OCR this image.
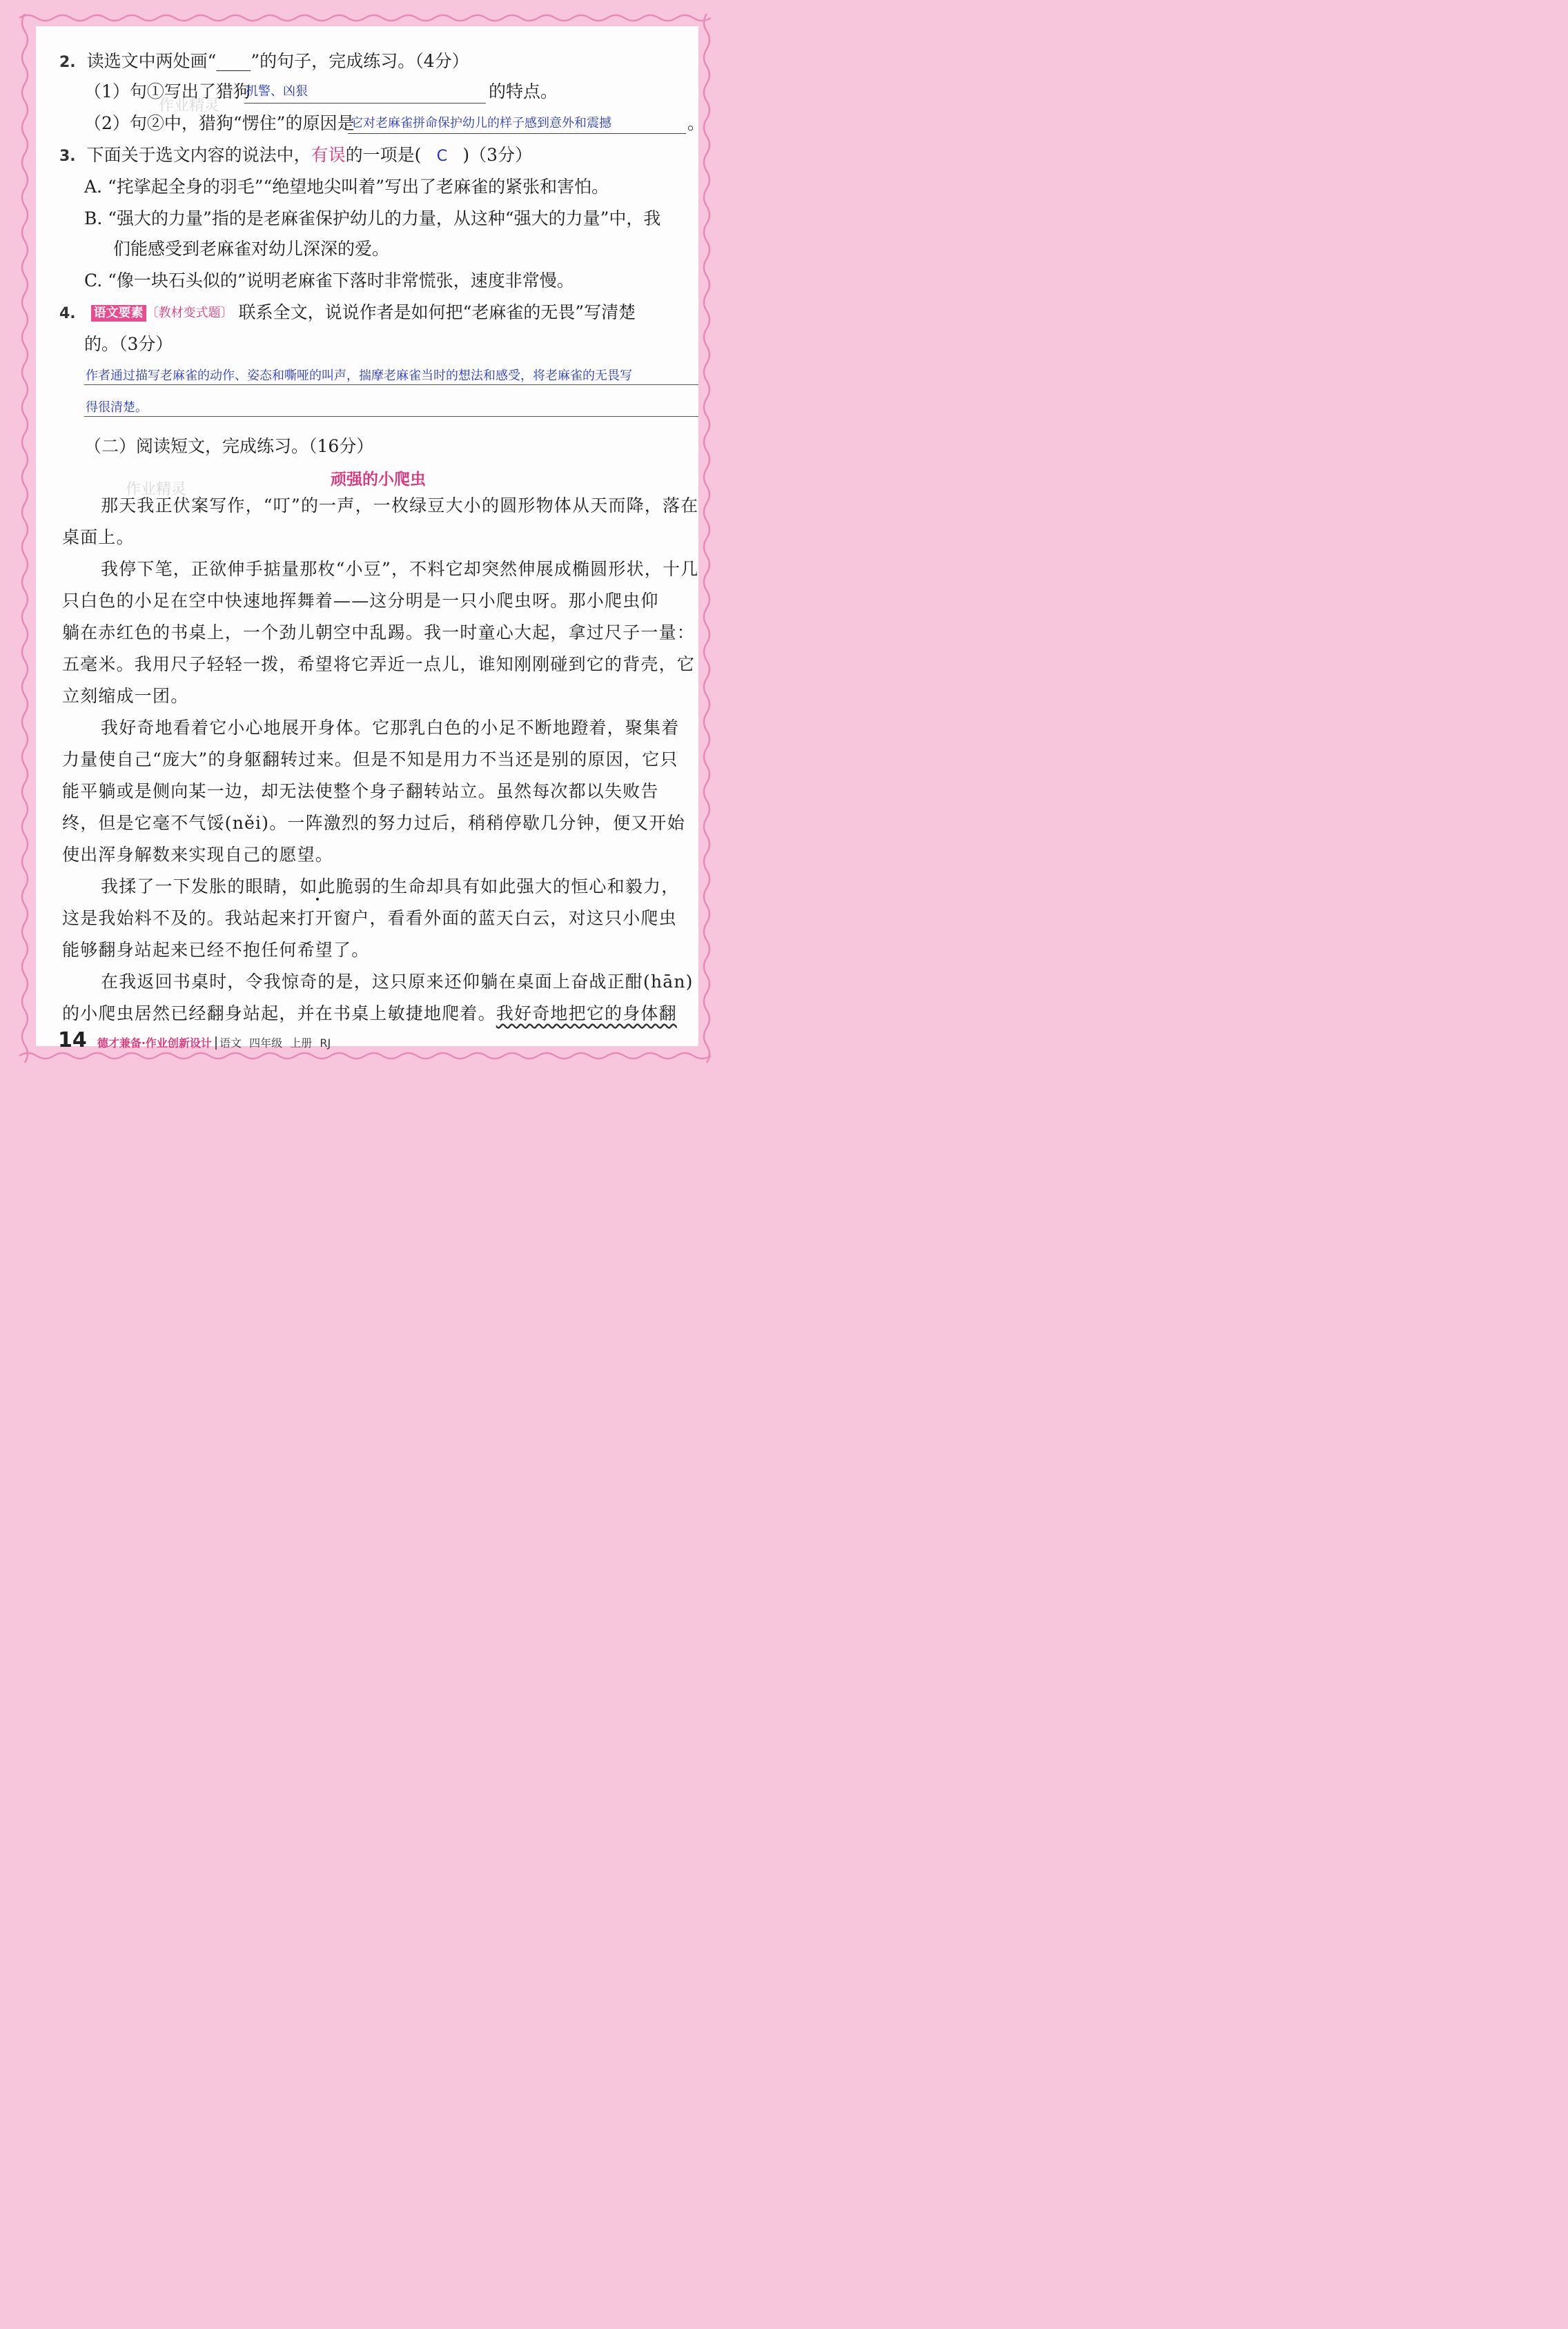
作业精灵
作业精灵
2. 读选文中两处画“____”的句子，完成练习。（4分）
（1）句①写出了猎狗
机警、凶狠	的特点。
（2）句②中，猎狗“愣住”的原因是
它对老麻雀拼命保护幼儿的样子感到意外和震撼	。
3. 下面关于选文内容的说法中，有误的一项是( C )（3分）
A. “挓挲起全身的羽毛”“绝望地尖叫着”写出了老麻雀的紧张和害怕。
B. “强大的力量”指的是老麻雀保护幼儿的力量，从这种“强大的力量”中，我
们能感受到老麻雀对幼儿深深的爱。
C. “像一块石头似的”说明老麻雀下落时非常慌张，速度非常慢。
4. 语文要素 〔教材变式题〕 联系全文，说说作者是如何把“老麻雀的无畏”写清楚
的。（3分）
作者通过描写老麻雀的动作、姿态和嘶哑的叫声，揣摩老麻雀当时的想法和感受，将老麻雀的无畏写
得很清楚。
（二）阅读短文，完成练习。（16分）
顽强的小爬虫
那天我正伏案写作，“叮”的一声，一枚绿豆大小的圆形物体从天而降，落在
桌面上。
我停下笔，正欲伸手掂量那枚“小豆”，不料它却突然伸展成椭圆形状，十几
只白色的小足在空中快速地挥舞着——这分明是一只小爬虫呀。那小爬虫仰
躺在赤红色的书桌上，一个劲儿朝空中乱踢。我一时童心大起，拿过尺子一量：
五毫米。我用尺子轻轻一拨，希望将它弄近一点儿，谁知刚刚碰到它的背壳，它
立刻缩成一团。
我好奇地看着它小心地展开身体。它那乳白色的小足不断地蹬着，聚集着
力量使自己“庞大”的身躯翻转过来。但是不知是用力不当还是别的原因，它只
能平躺或是侧向某一边，却无法使整个身子翻转站立。虽然每次都以失败告
终，但是它毫不气馁(něi)。一阵激烈的努力过后，稍稍停歇几分钟，便又开始
使出浑身解数来实现自己的愿望。
我揉了一下发胀的眼睛，如此脆弱的生命却具有如此强大的恒心和毅力，
这是我始料不及的。我站起来打开窗户，看看外面的蓝天白云，对这只小爬虫
能够翻身站起来已经不抱任何希望了。
在我返回书桌时，令我惊奇的是，这只原来还仰躺在桌面上奋战正酣(hān)
的小爬虫居然已经翻身站起，并在书桌上敏捷地爬着。我好奇地把它的身体翻
14 德才兼备·作业创新设计 语文 四年级 上册 RJ
